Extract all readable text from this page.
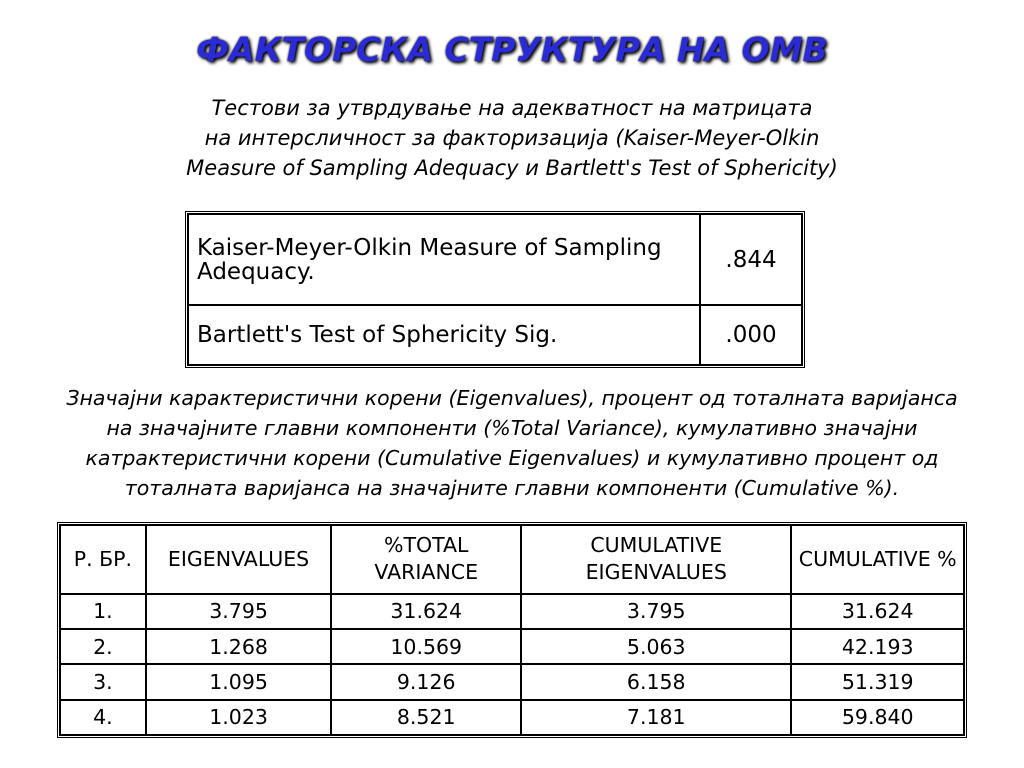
ФАКТОРСКА СТРУКТУРА НА ОМВ
Тестови за утврдување на адекватност на матрицата
на интерсличност за факторизација (Kaiser-Meyer-Olkin
Measure of Sampling Adequacy и Bartlett's Test of Sphericity)
Kaiser-Meyer-Olkin Measure of Sampling Adequacy.	.844
Bartlett's Test of Sphericity Sig.	.000
Значајни карактеристични корени (Eigenvalues), процент од тоталната варијанса
на значајните главни компоненти (%Total Variance), кумулативно значајни
катрактеристични корени (Cumulative Eigenvalues) и кумулативно процент од
тоталната варијанса на значајните главни компоненти (Cumulative %).
Р. БР.	EIGENVALUES	%TOTAL VARIANCE	CUMULATIVE EIGENVALUES	CUMULATIVE %
1.	3.795	31.624	3.795	31.624
2.	1.268	10.569	5.063	42.193
3.	1.095	9.126	6.158	51.319
4.	1.023	8.521	7.181	59.840
